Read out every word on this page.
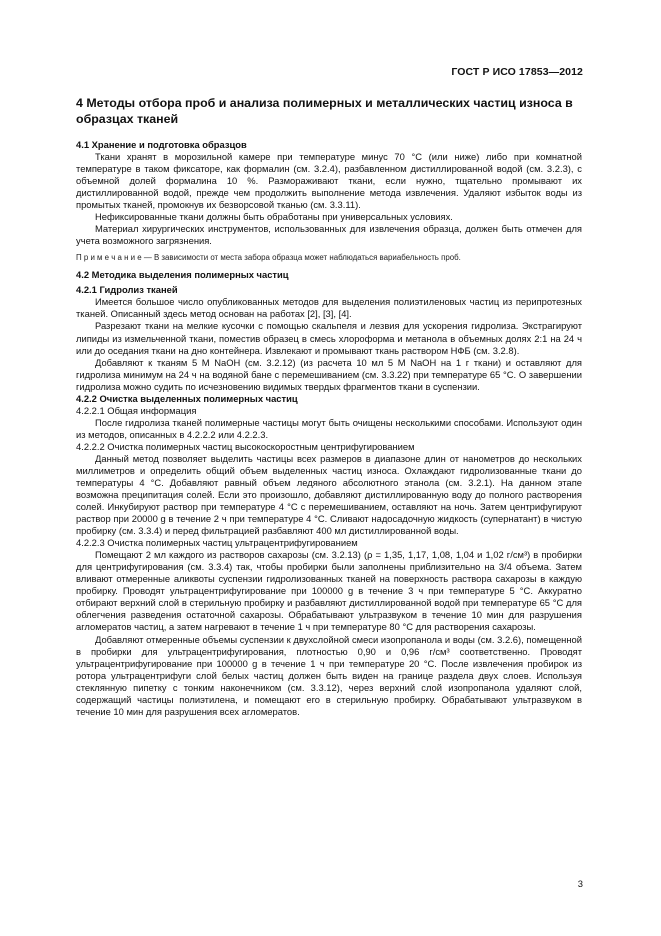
ГОСТ Р ИСО 17853—2012
4 Методы отбора проб и анализа полимерных и металлических частиц износа в образцах тканей
4.1 Хранение и подготовка образцов

Ткани хранят в морозильной камере при температуре минус 70 °С (или ниже) либо при комнатной температуре в таком фиксаторе, как формалин (см. 3.2.4), разбавленном дистиллированной водой (см. 3.2.3), с объемной долей формалина 10 %. Размораживают ткани, если нужно, тщательно промывают их дистиллированной водой, прежде чем продолжить выполнение метода извлечения. Удаляют избыток воды из промытых тканей, промокнув их безворсовой тканью (см. 3.3.11).

Нефиксированные ткани должны быть обработаны при универсальных условиях.

Материал хирургических инструментов, использованных для извлечения образца, должен быть отмечен для учета возможного загрязнения.

П р и м е ч а н и е — В зависимости от места забора образца может наблюдаться вариабельность проб.

4.2 Методика выделения полимерных частиц
4.2.1 Гидролиз тканей

Имеется большое число опубликованных методов для выделения полиэтиленовых частиц из перипротезных тканей. Описанный здесь метод основан на работах [2], [3], [4].

Разрезают ткани на мелкие кусочки с помощью скальпеля и лезвия для ускорения гидролиза. Экстрагируют липиды из измельченной ткани, поместив образец в смесь хлороформа и метанола в объемных долях 2:1 на 24 ч или до оседания ткани на дно контейнера. Извлекают и промывают ткань раствором НФБ (см. 3.2.8).

Добавляют к тканям 5 М NaOH (см. 3.2.12) (из расчета 10 мл 5 М NaOH на 1 г ткани) и оставляют для гидролиза минимум на 24 ч на водяной бане с перемешиванием (см. 3.3.22) при температуре 65 °С. О завершении гидролиза можно судить по исчезновению видимых твердых фрагментов ткани в суспензии.

4.2.2 Очистка выделенных полимерных частиц
4.2.2.1 Общая информация

После гидролиза тканей полимерные частицы могут быть очищены несколькими способами. Используют один из методов, описанных в 4.2.2.2 или 4.2.2.3.

4.2.2.2 Очистка полимерных частиц высокоскоростным центрифугированием

Данный метод позволяет выделить частицы всех размеров в диапазоне длин от нанометров до нескольких миллиметров и определить общий объем выделенных частиц износа. Охлаждают гидролизованные ткани до температуры 4 °С. Добавляют равный объем ледяного абсолютного этанола (см. 3.2.1). На данном этапе возможна преципитация солей. Если это произошло, добавляют дистиллированную воду до полного растворения солей. Инкубируют раствор при температуре 4 °С с перемешиванием, оставляют на ночь. Затем центрифугируют раствор при 20000 g в течение 2 ч при температуре 4 °С. Сливают надосадочную жидкость (супернатант) в чистую пробирку (см. 3.3.4) и перед фильтрацией разбавляют 400 мл дистиллированной воды.

4.2.2.3 Очистка полимерных частиц ультрацентрифугированием

Помещают 2 мл каждого из растворов сахарозы (см. 3.2.13) (ρ = 1,35, 1,17, 1,08, 1,04 и 1,02 г/см³) в пробирки для центрифугирования (см. 3.3.4) так, чтобы пробирки были заполнены приблизительно на 3/4 объема. Затем вливают отмеренные аликвоты суспензии гидролизованных тканей на поверхность раствора сахарозы в каждую пробирку. Проводят ультрацентрифугирование при 100000 g в течение 3 ч при температуре 5 °С. Аккуратно отбирают верхний слой в стерильную пробирку и разбавляют дистиллированной водой при температуре 65 °С для облегчения разведения остаточной сахарозы. Обрабатывают ультразвуком в течение 10 мин для разрушения агломератов частиц, а затем нагревают в течение 1 ч при температуре 80 °С для растворения сахарозы.

Добавляют отмеренные объемы суспензии к двухслойной смеси изопропанола и воды (см. 3.2.6), помещенной в пробирки для ультрацентрифугирования, плотностью 0,90 и 0,96 г/см³ соответственно. Проводят ультрацентрифугирование при 100000 g в течение 1 ч при температуре 20 °С. После извлечения пробирок из ротора ультрацентрифуги слой белых частиц должен быть виден на границе раздела двух слоев. Используя стеклянную пипетку с тонким наконечником (см. 3.3.12), через верхний слой изопропанола удаляют слой, содержащий частицы полиэтилена, и помещают его в стерильную пробирку. Обрабатывают ультразвуком в течение 10 мин для разрушения всех агломератов.

3
